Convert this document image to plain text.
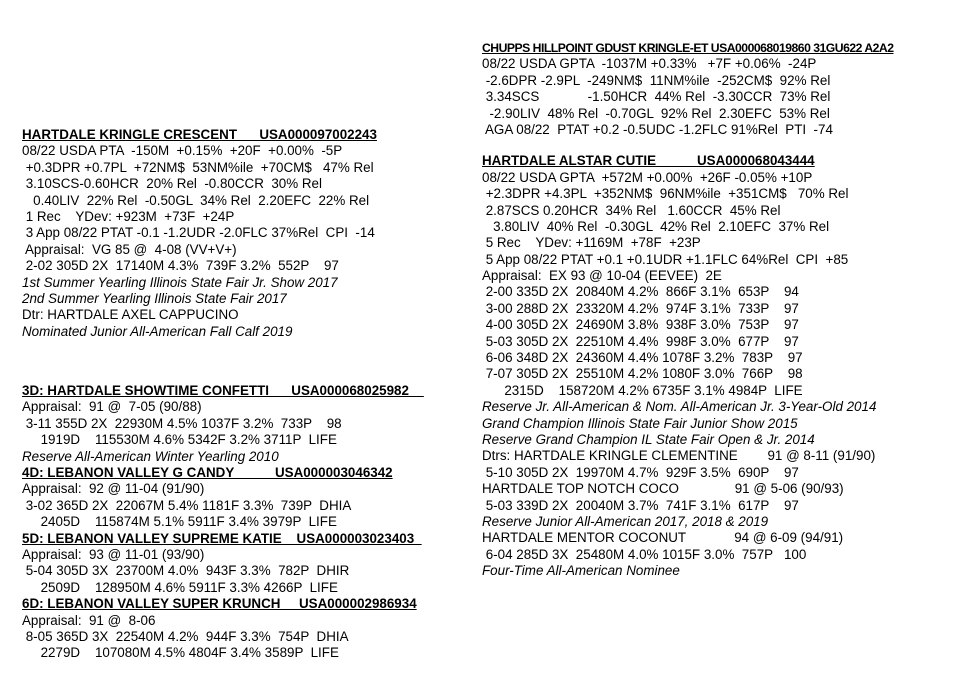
HARTDALE KRINGLE CRESCENT      USA000097002243
08/22 USDA PTA  -150M  +0.15%  +20F  +0.00%  -5P
+0.3DPR +0.7PL  +72NM$  53NM%ile  +70CM$   47% Rel
3.10SCS-0.60HCR  20% Rel  -0.80CCR  30% Rel
0.40LIV  22% Rel  -0.50GL  34% Rel  2.20EFC  22% Rel
1 Rec    YDev: +923M  +73F  +24P
3 App 08/22 PTAT -0.1 -1.2UDR -2.0FLC 37%Rel  CPI  -14
Appraisal:  VG 85 @  4-08 (VV+V+)
2-02 305D 2X  17140M 4.3%  739F 3.2%  552P    97
1st Summer Yearling Illinois State Fair Jr. Show 2017
2nd Summer Yearling Illinois State Fair 2017
Dtr: HARTDALE AXEL CAPPUCINO
Nominated Junior All-American Fall Calf 2019
3D: HARTDALE SHOWTIME CONFETTI      USA000068025982
Appraisal:  91 @  7-05 (90/88)
3-11 355D 2X  22930M 4.5% 1037F 3.2%  733P    98
1919D    115530M 4.6% 5342F 3.2% 3711P  LIFE
Reserve All-American Winter Yearling 2010
4D: LEBANON VALLEY G CANDY           USA000003046342
Appraisal:  92 @ 11-04 (91/90)
3-02 365D 2X  22067M 5.4% 1181F 3.3%  739P  DHIA
2405D    115874M 5.1% 5911F 3.4% 3979P  LIFE
5D: LEBANON VALLEY SUPREME KATIE    USA000003023403
Appraisal:  93 @ 11-01 (93/90)
5-04 305D 3X  23700M 4.0%  943F 3.3%  782P  DHIR
2509D    128950M 4.6% 5911F 3.3% 4266P  LIFE
6D: LEBANON VALLEY SUPER KRUNCH     USA000002986934
Appraisal:  91 @  8-06
8-05 365D 3X  22540M 4.2%  944F 3.3%  754P  DHIA
2279D    107080M 4.5% 4804F 3.4% 3589P  LIFE
CHUPPS HILLPOINT GDUST KRINGLE-ET USA000068019860 31GU622 A2A2
08/22 USDA GPTA  -1037M +0.33%   +7F +0.06%  -24P
-2.6DPR -2.9PL  -249NM$  11NM%ile  -252CM$  92% Rel
3.34SCS             -1.50HCR  44% Rel  -3.30CCR  73% Rel
-2.90LIV  48% Rel  -0.70GL  92% Rel  2.30EFC  53% Rel
AGA 08/22  PTAT +0.2 -0.5UDC -1.2FLC 91%Rel  PTI  -74
HARTDALE ALSTAR CUTIE           USA000068043444
08/22 USDA GPTA  +572M +0.00%  +26F -0.05% +10P
+2.3DPR +4.3PL  +352NM$  96NM%ile  +351CM$   70% Rel
2.87SCS 0.20HCR  34% Rel   1.60CCR  45% Rel
3.80LIV  40% Rel  -0.30GL  42% Rel  2.10EFC  37% Rel
5 Rec    YDev: +1169M  +78F  +23P
5 App 08/22 PTAT +0.1 +0.1UDR +1.1FLC 64%Rel  CPI  +85
Appraisal:  EX 93 @ 10-04 (EEVEE)  2E
2-00 335D 2X  20840M 4.2%  866F 3.1%  653P    94
3-00 288D 2X  23320M 4.2%  974F 3.1%  733P    97
4-00 305D 2X  24690M 3.8%  938F 3.0%  753P    97
5-03 305D 2X  22510M 4.4%  998F 3.0%  677P    97
6-06 348D 2X  24360M 4.4% 1078F 3.2%  783P    97
7-07 305D 2X  25510M 4.2% 1080F 3.0%  766P    98
2315D    158720M 4.2% 6735F 3.1% 4984P  LIFE
Reserve Jr. All-American & Nom. All-American Jr. 3-Year-Old 2014
Grand Champion Illinois State Fair Junior Show 2015
Reserve Grand Champion IL State Fair Open & Jr. 2014
Dtrs: HARTDALE KRINGLE CLEMENTINE        91 @ 8-11 (91/90)
5-10 305D 2X  19970M 4.7%  929F 3.5%  690P    97
HARTDALE TOP NOTCH COCO               91 @ 5-06 (90/93)
5-03 339D 2X  20040M 3.7%  741F 3.1%  617P    97
Reserve Junior All-American 2017, 2018 & 2019
HARTDALE MENTOR COCONUT             94 @ 6-09 (94/91)
6-04 285D 3X  25480M 4.0% 1015F 3.0%  757P   100
Four-Time All-American Nominee
